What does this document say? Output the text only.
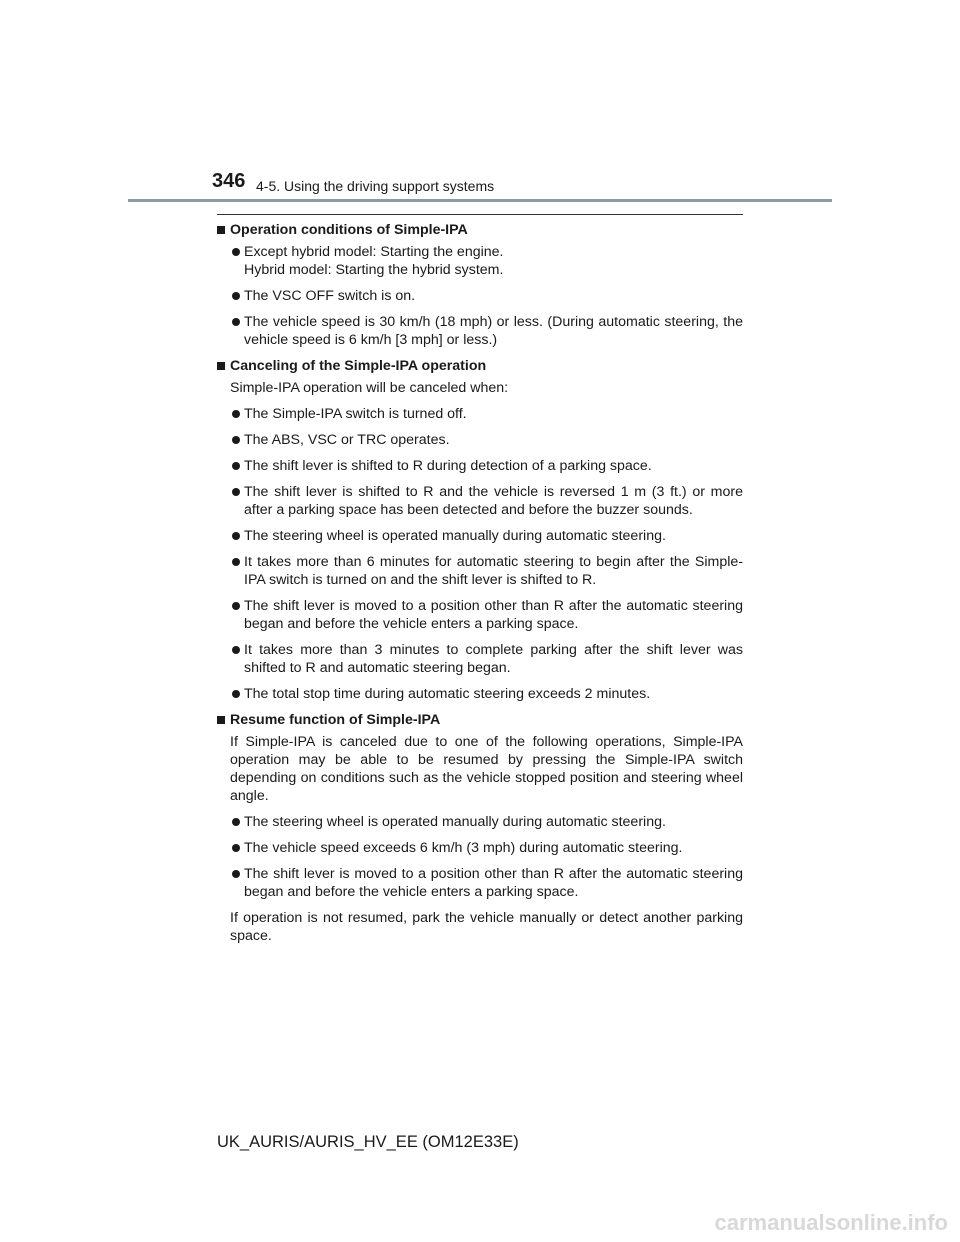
346 4-5. Using the driving support systems
Operation conditions of Simple-IPA
Except hybrid model: Starting the engine.
Hybrid model: Starting the hybrid system.
The VSC OFF switch is on.
The vehicle speed is 30 km/h (18 mph) or less. (During automatic steering, the vehicle speed is 6 km/h [3 mph] or less.)
Canceling of the Simple-IPA operation
Simple-IPA operation will be canceled when:
The Simple-IPA switch is turned off.
The ABS, VSC or TRC operates.
The shift lever is shifted to R during detection of a parking space.
The shift lever is shifted to R and the vehicle is reversed 1 m (3 ft.) or more after a parking space has been detected and before the buzzer sounds.
The steering wheel is operated manually during automatic steering.
It takes more than 6 minutes for automatic steering to begin after the Simple-IPA switch is turned on and the shift lever is shifted to R.
The shift lever is moved to a position other than R after the automatic steering began and before the vehicle enters a parking space.
It takes more than 3 minutes to complete parking after the shift lever was shifted to R and automatic steering began.
The total stop time during automatic steering exceeds 2 minutes.
Resume function of Simple-IPA
If Simple-IPA is canceled due to one of the following operations, Simple-IPA operation may be able to be resumed by pressing the Simple-IPA switch depending on conditions such as the vehicle stopped position and steering wheel angle.
The steering wheel is operated manually during automatic steering.
The vehicle speed exceeds 6 km/h (3 mph) during automatic steering.
The shift lever is moved to a position other than R after the automatic steering began and before the vehicle enters a parking space.
If operation is not resumed, park the vehicle manually or detect another parking space.
UK_AURIS/AURIS_HV_EE (OM12E33E)
carmanualsonline.info
